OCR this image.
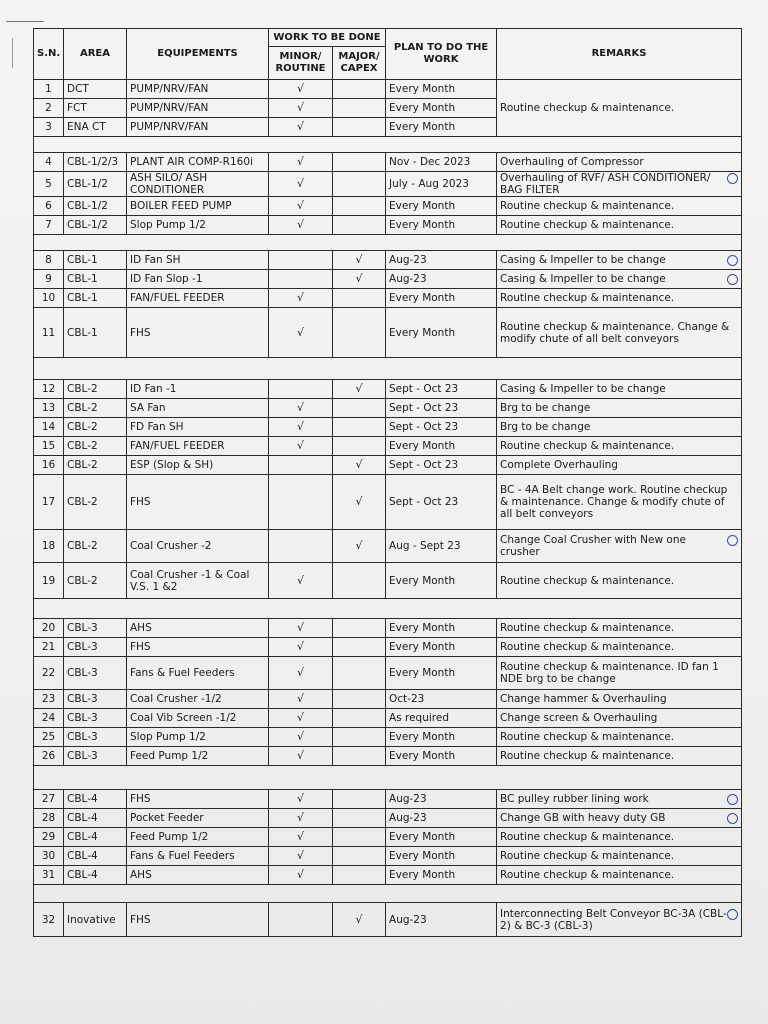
S.N.	AREA	EQUIPEMENTS	WORK TO BE DONE		PLAN TO DO THE WORK	REMARKS
			MINOR/ ROUTINE	MAJOR/ CAPEX		
1	DCT	PUMP/NRV/FAN	√		Every Month	Routine checkup & maintenance.
2	FCT	PUMP/NRV/FAN	√		Every Month	
3	ENA CT	PUMP/NRV/FAN	√		Every Month	

4	CBL-1/2/3	PLANT AIR COMP-R160i	√		Nov - Dec 2023	Overhauling of Compressor
5	CBL-1/2	ASH SILO/ ASH CONDITIONER	√		July - Aug 2023	Overhauling of RVF/ ASH CONDITIONER/ BAG FILTER
6	CBL-1/2	BOILER FEED PUMP	√		Every Month	Routine checkup & maintenance.
7	CBL-1/2	Slop Pump 1/2	√		Every Month	Routine checkup & maintenance.

8	CBL-1	ID Fan SH		√	Aug-23	Casing & Impeller to be change
9	CBL-1	ID Fan Slop -1		√	Aug-23	Casing & Impeller to be change
10	CBL-1	FAN/FUEL FEEDER	√		Every Month	Routine checkup & maintenance.
11	CBL-1	FHS	√		Every Month	Routine checkup & maintenance. Change & modify chute of all belt conveyors

12	CBL-2	ID Fan -1		√	Sept - Oct 23	Casing & Impeller to be change
13	CBL-2	SA Fan	√		Sept - Oct 23	Brg to be change
14	CBL-2	FD Fan SH	√		Sept - Oct 23	Brg to be change
15	CBL-2	FAN/FUEL FEEDER	√		Every Month	Routine checkup & maintenance.
16	CBL-2	ESP (Slop & SH)		√	Sept - Oct 23	Complete Overhauling
17	CBL-2	FHS		√	Sept - Oct 23	BC - 4A Belt change work. Routine checkup & maintenance. Change & modify chute of all belt conveyors
18	CBL-2	Coal Crusher -2		√	Aug - Sept 23	Change Coal Crusher with New one crusher
19	CBL-2	Coal Crusher -1 & Coal V.S. 1 &2	√		Every Month	Routine checkup & maintenance.

20	CBL-3	AHS	√		Every Month	Routine checkup & maintenance.
21	CBL-3	FHS	√		Every Month	Routine checkup & maintenance.
22	CBL-3	Fans & Fuel Feeders	√		Every Month	Routine checkup & maintenance. ID fan 1 NDE brg to be change
23	CBL-3	Coal Crusher -1/2	√		Oct-23	Change hammer & Overhauling
24	CBL-3	Coal Vib Screen -1/2	√		As required	Change screen & Overhauling
25	CBL-3	Slop Pump 1/2	√		Every Month	Routine checkup & maintenance.
26	CBL-3	Feed Pump 1/2	√		Every Month	Routine checkup & maintenance.

27	CBL-4	FHS	√		Aug-23	BC pulley rubber lining work
28	CBL-4	Pocket Feeder	√		Aug-23	Change GB with heavy duty GB
29	CBL-4	Feed Pump 1/2	√		Every Month	Routine checkup & maintenance.
30	CBL-4	Fans & Fuel Feeders	√		Every Month	Routine checkup & maintenance.
31	CBL-4	AHS	√		Every Month	Routine checkup & maintenance.

32	Inovative	FHS		√	Aug-23	Interconnecting Belt Conveyor BC-3A (CBL-2) & BC-3 (CBL-3)
